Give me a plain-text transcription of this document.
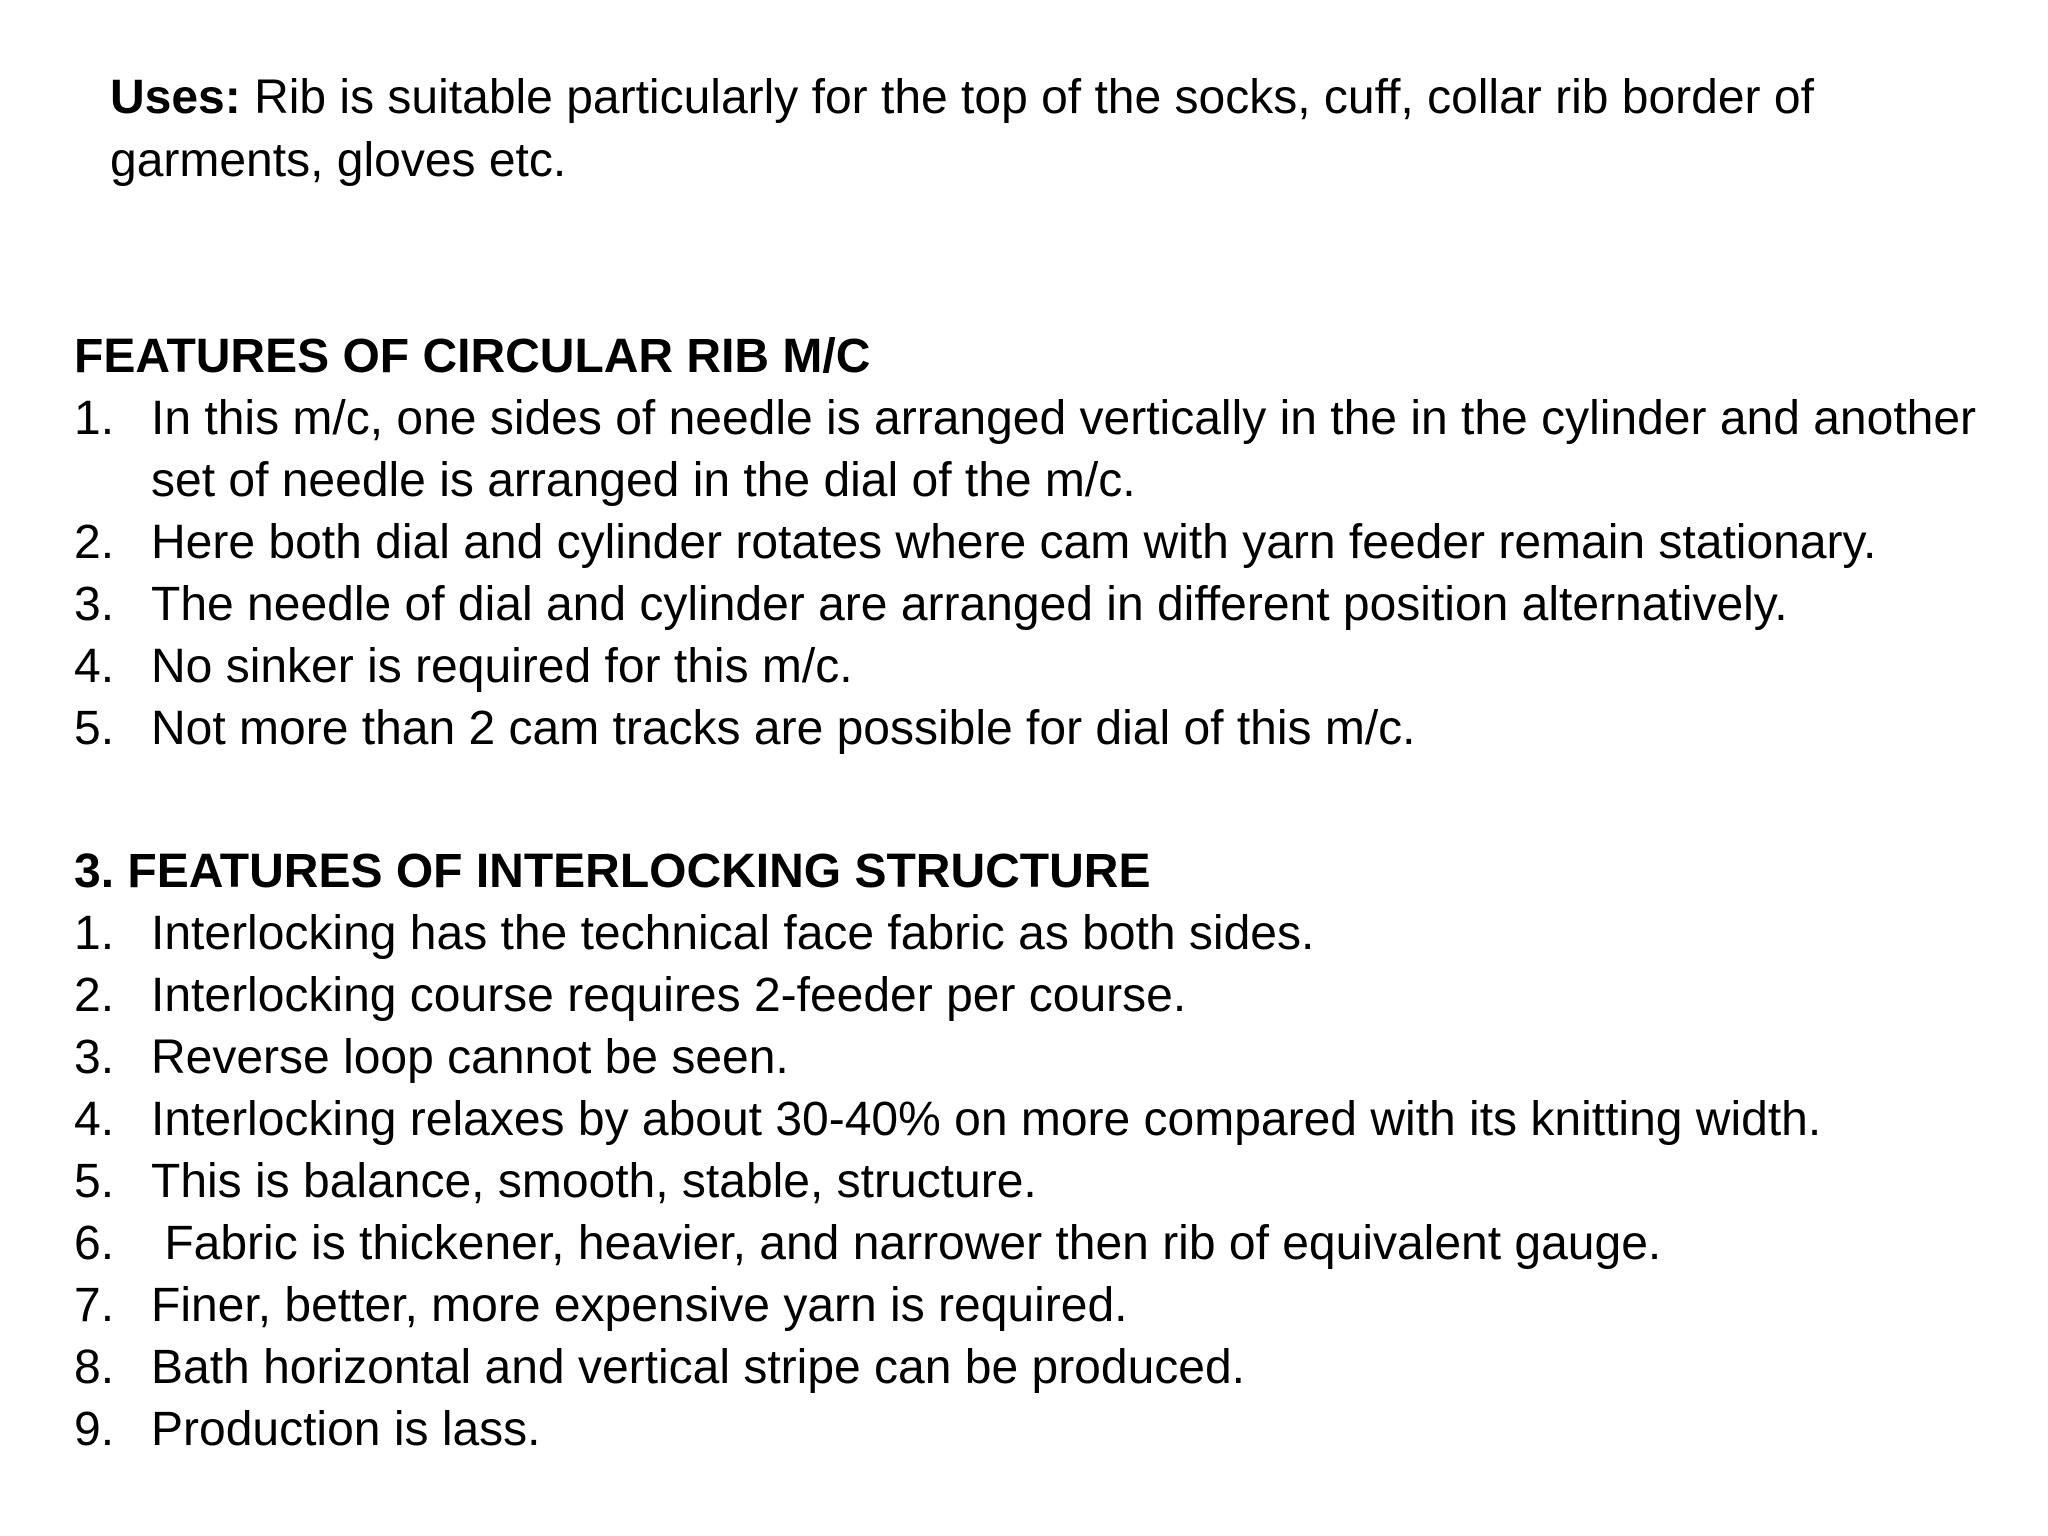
Uses: Rib is suitable particularly for the top of the socks, cuff, collar rib border of garments, gloves etc.
FEATURES OF CIRCULAR RIB M/C
1. In this m/c, one sides of needle is arranged vertically in the in the cylinder and another set of needle is arranged in the dial of the m/c.
2. Here both dial and cylinder rotates where cam with yarn feeder remain stationary.
3. The needle of dial and cylinder are arranged in different position alternatively.
4. No sinker is required for this m/c.
5. Not more than 2 cam tracks are possible for dial of this m/c.
3. FEATURES OF INTERLOCKING STRUCTURE
1. Interlocking has the technical face fabric as both sides.
2. Interlocking course requires 2-feeder per course.
3. Reverse loop cannot be seen.
4. Interlocking relaxes by about 30-40% on more compared with its knitting width.
5. This is balance, smooth, stable, structure.
6. Fabric is thickener, heavier, and narrower then rib of equivalent gauge.
7. Finer, better, more expensive yarn is required.
8. Bath horizontal and vertical stripe can be produced.
9. Production is lass.
